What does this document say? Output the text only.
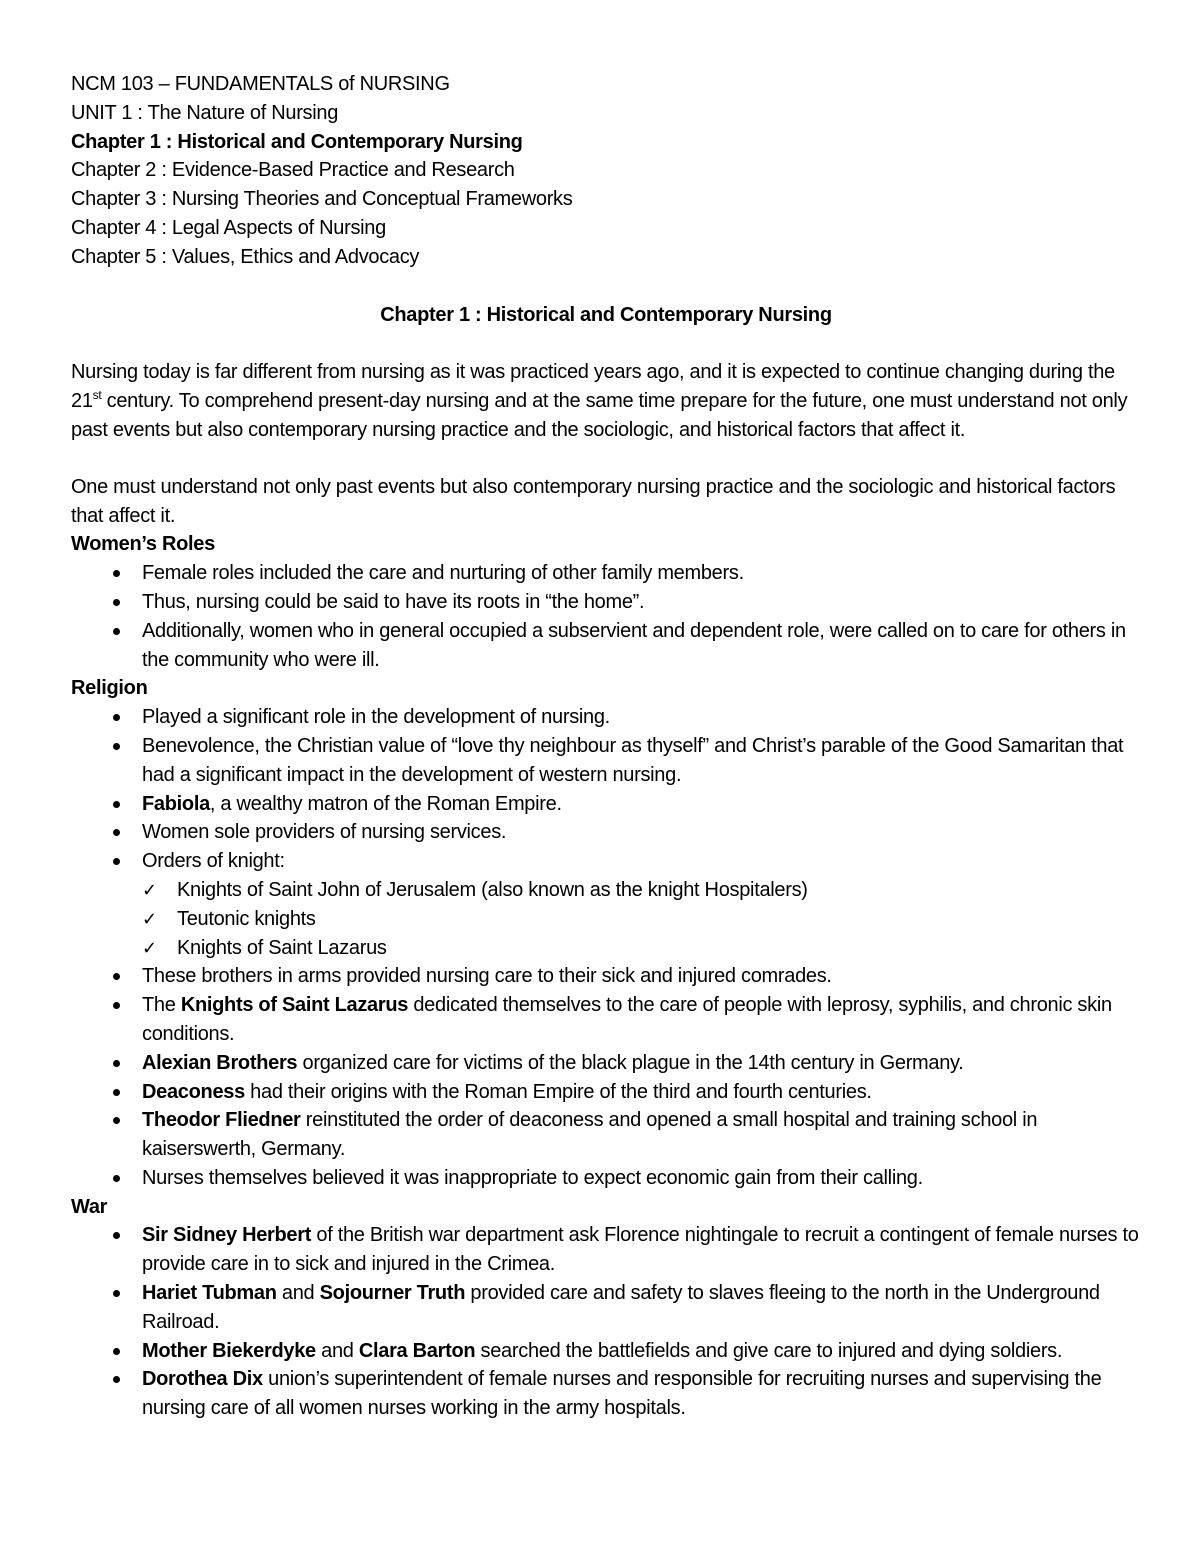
NCM 103 – FUNDAMENTALS of NURSING
UNIT 1 : The Nature of Nursing
Chapter 1 : Historical and Contemporary Nursing
Chapter 2 : Evidence-Based Practice and Research
Chapter 3 : Nursing Theories and Conceptual Frameworks
Chapter 4 : Legal Aspects of Nursing
Chapter 5 : Values, Ethics and Advocacy
Chapter 1 : Historical and Contemporary Nursing

Nursing today is far different from nursing as it was practiced years ago, and it is expected to continue changing during the 21st century. To comprehend present-day nursing and at the same time prepare for the future, one must understand not only past events but also contemporary nursing practice and the sociologic, and historical factors that affect it.

One must understand not only past events but also contemporary nursing practice and the sociologic and historical factors that affect it.

Women’s Roles
Female roles included the care and nurturing of other family members.
Thus, nursing could be said to have its roots in “the home”.
Additionally, women who in general occupied a subservient and dependent role, were called on to care for others in the community who were ill.
Religion
Played a significant role in the development of nursing.
Benevolence, the Christian value of “love thy neighbour as thyself” and Christ’s parable of the Good Samaritan that had a significant impact in the development of western nursing.
Fabiola, a wealthy matron of the Roman Empire.
Women sole providers of nursing services.
Orders of knight:
✓ Knights of Saint John of Jerusalem (also known as the knight Hospitalers)
✓ Teutonic knights
✓ Knights of Saint Lazarus
These brothers in arms provided nursing care to their sick and injured comrades.
The Knights of Saint Lazarus dedicated themselves to the care of people with leprosy, syphilis, and chronic skin conditions.
Alexian Brothers organized care for victims of the black plague in the 14th century in Germany.
Deaconess had their origins with the Roman Empire of the third and fourth centuries.
Theodor Fliedner reinstituted the order of deaconess and opened a small hospital and training school in kaiserswerth, Germany.
Nurses themselves believed it was inappropriate to expect economic gain from their calling.
War
Sir Sidney Herbert of the British war department ask Florence nightingale to recruit a contingent of female nurses to provide care in to sick and injured in the Crimea.
Hariet Tubman and Sojourner Truth provided care and safety to slaves fleeing to the north in the Underground Railroad.
Mother Biekerdyke and Clara Barton searched the battlefields and give care to injured and dying soldiers.
Dorothea Dix union’s superintendent of female nurses and responsible for recruiting nurses and supervising the nursing care of all women nurses working in the army hospitals.
